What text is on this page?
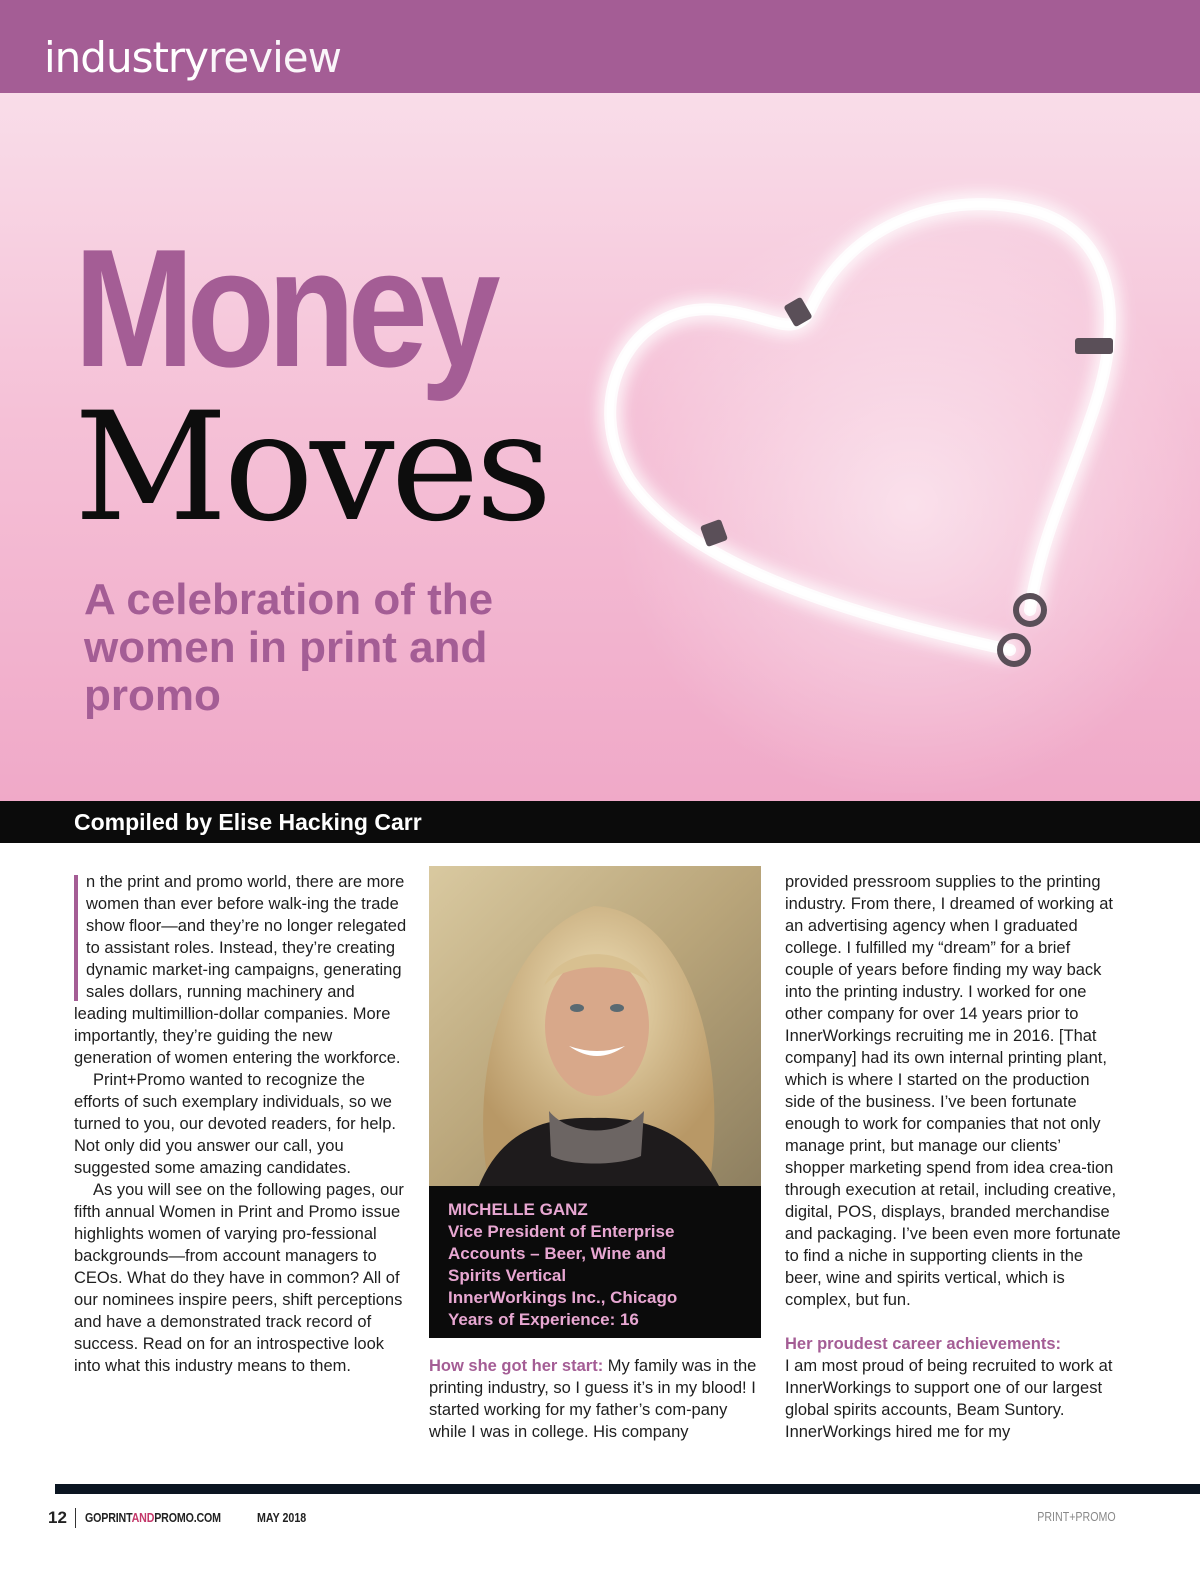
industryreview
Money
Moves
A celebration of the women in print and promo
Compiled by Elise Hacking Carr

n the print and promo world, there are more women than ever before walk-ing the trade show floor—and they’re no longer relegated to assistant roles. Instead, they’re creating dynamic market-ing campaigns, generating sales dollars, running machinery and leading multimillion-dollar companies. More importantly, they’re guiding the new generation of women entering the workforce.

Print+Promo wanted to recognize the efforts of such exemplary individuals, so we turned to you, our devoted readers, for help. Not only did you answer our call, you suggested some amazing candidates.

As you will see on the following pages, our fifth annual Women in Print and Promo issue highlights women of varying pro-fessional backgrounds—from account managers to CEOs. What do they have in common? All of our nominees inspire peers, shift perceptions and have a demonstrated track record of success. Read on for an introspective look into what this industry means to them.

MICHELLE GANZ
Vice President of Enterprise
Accounts – Beer, Wine and
Spirits Vertical
InnerWorkings Inc., Chicago
Years of Experience: 16

How she got her start: My family was in the printing industry, so I guess it’s in my blood! I started working for my father’s com-pany while I was in college. His company

provided pressroom supplies to the printing industry. From there, I dreamed of working at an advertising agency when I graduated college. I fulfilled my “dream” for a brief couple of years before finding my way back into the printing industry. I worked for one other company for over 14 years prior to InnerWorkings recruiting me in 2016. [That company] had its own internal printing plant, which is where I started on the production side of the business. I’ve been fortunate enough to work for companies that not only manage print, but manage our clients’ shopper marketing spend from idea crea-tion through execution at retail, including creative, digital, POS, displays, branded merchandise and packaging. I’ve been even more fortunate to find a niche in supporting clients in the beer, wine and spirits vertical, which is complex, but fun.

Her proudest career achievements:

I am most proud of being recruited to work at InnerWorkings to support one of our largest global spirits accounts, Beam Suntory. InnerWorkings hired me for my

12 GOPRINTANDPROMO.COM	MAY 2018	PRINT+PROMO
